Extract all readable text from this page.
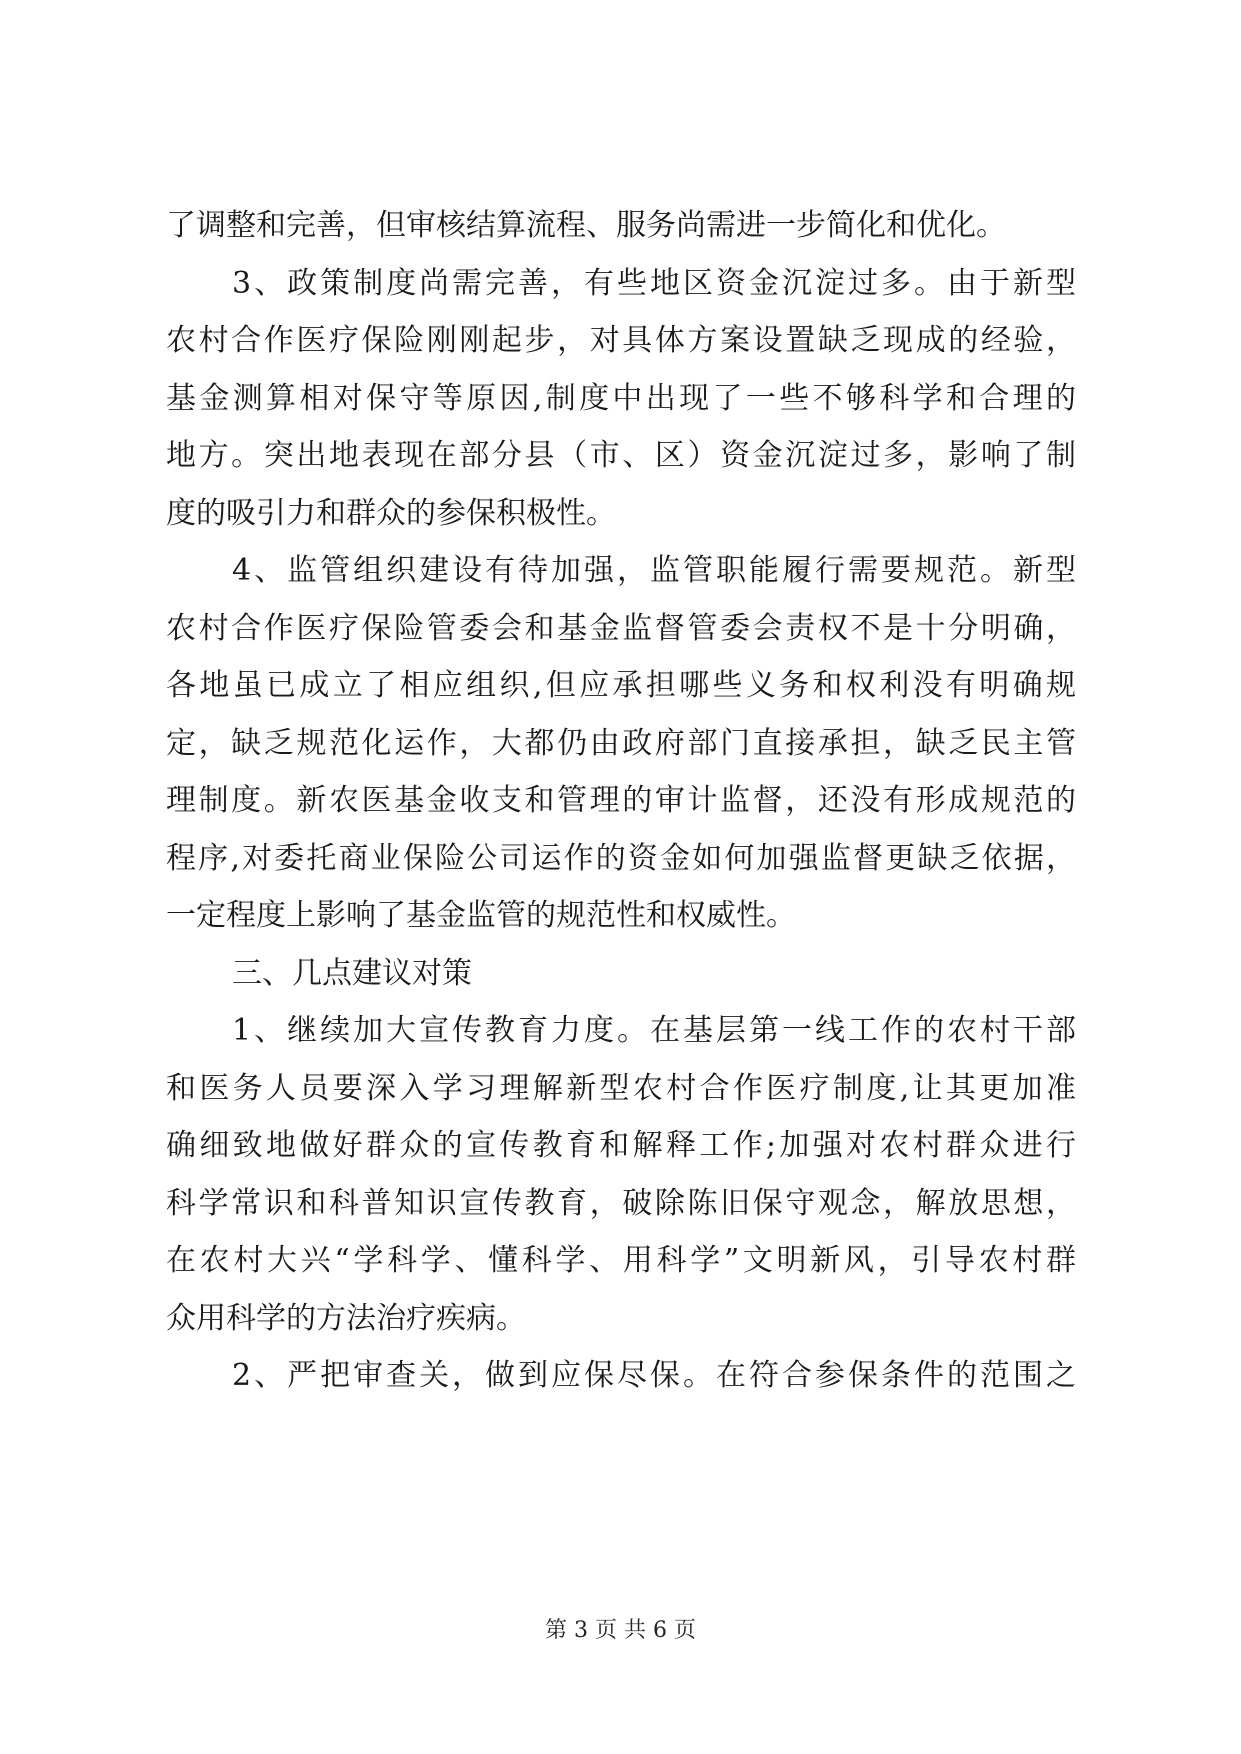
了调整和完善，但审核结算流程、服务尚需进一步简化和优化。
3、政策制度尚需完善，有些地区资金沉淀过多。由于新型
农村合作医疗保险刚刚起步，对具体方案设置缺乏现成的经验，
基金测算相对保守等原因,制度中出现了一些不够科学和合理的
地方。突出地表现在部分县（市、区）资金沉淀过多，影响了制
度的吸引力和群众的参保积极性。
4、监管组织建设有待加强，监管职能履行需要规范。新型
农村合作医疗保险管委会和基金监督管委会责权不是十分明确，
各地虽已成立了相应组织,但应承担哪些义务和权利没有明确规
定，缺乏规范化运作，大都仍由政府部门直接承担，缺乏民主管
理制度。新农医基金收支和管理的审计监督，还没有形成规范的
程序,对委托商业保险公司运作的资金如何加强监督更缺乏依据，
一定程度上影响了基金监管的规范性和权威性。
三、几点建议对策
1、继续加大宣传教育力度。在基层第一线工作的农村干部
和医务人员要深入学习理解新型农村合作医疗制度,让其更加准
确细致地做好群众的宣传教育和解释工作;加强对农村群众进行
科学常识和科普知识宣传教育，破除陈旧保守观念，解放思想，
在农村大兴“学科学、懂科学、用科学”文明新风，引导农村群
众用科学的方法治疗疾病。
2、严把审查关，做到应保尽保。在符合参保条件的范围之
第 3 页 共 6 页
